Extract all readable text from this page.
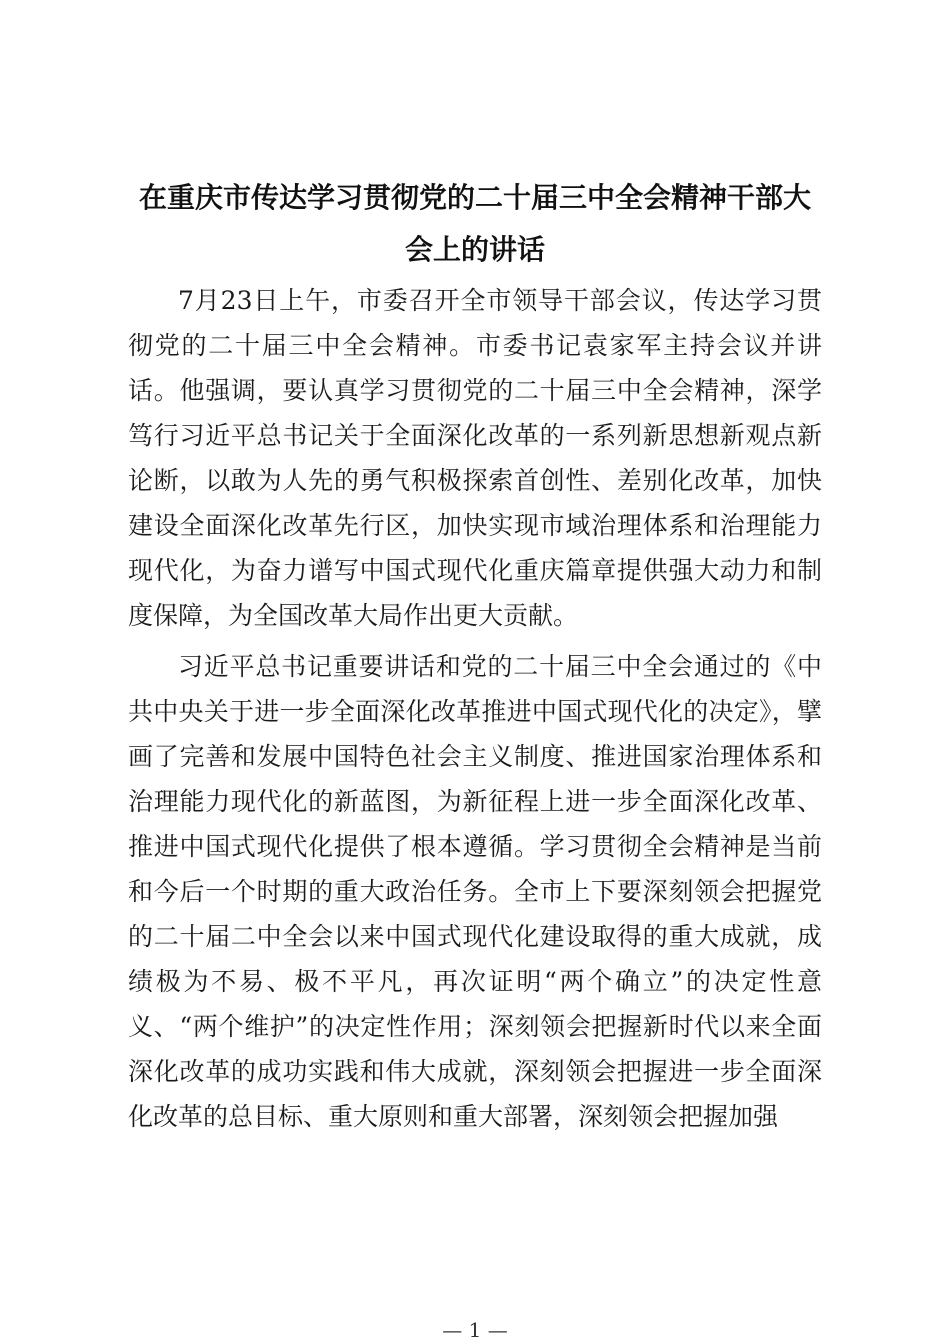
在重庆市传达学习贯彻党的二十届三中全会精神干部大会上的讲话

7月23日上午，市委召开全市领导干部会议，传达学习贯彻党的二十届三中全会精神。市委书记袁家军主持会议并讲话。他强调，要认真学习贯彻党的二十届三中全会精神，深学笃行习近平总书记关于全面深化改革的一系列新思想新观点新论断，以敢为人先的勇气积极探索首创性、差别化改革，加快建设全面深化改革先行区，加快实现市域治理体系和治理能力现代化，为奋力谱写中国式现代化重庆篇章提供强大动力和制度保障，为全国改革大局作出更大贡献。

习近平总书记重要讲话和党的二十届三中全会通过的《中共中央关于进一步全面深化改革推进中国式现代化的决定》，擘画了完善和发展中国特色社会主义制度、推进国家治理体系和治理能力现代化的新蓝图，为新征程上进一步全面深化改革、推进中国式现代化提供了根本遵循。学习贯彻全会精神是当前和今后一个时期的重大政治任务。全市上下要深刻领会把握党的二十届二中全会以来中国式现代化建设取得的重大成就，成绩极为不易、极不平凡，再次证明“两个确立”的决定性意义、“两个维护”的决定性作用；深刻领会把握新时代以来全面深化改革的成功实践和伟大成就，深刻领会把握进一步全面深化改革的总目标、重大原则和重大部署，深刻领会把握加强

— 1 —
